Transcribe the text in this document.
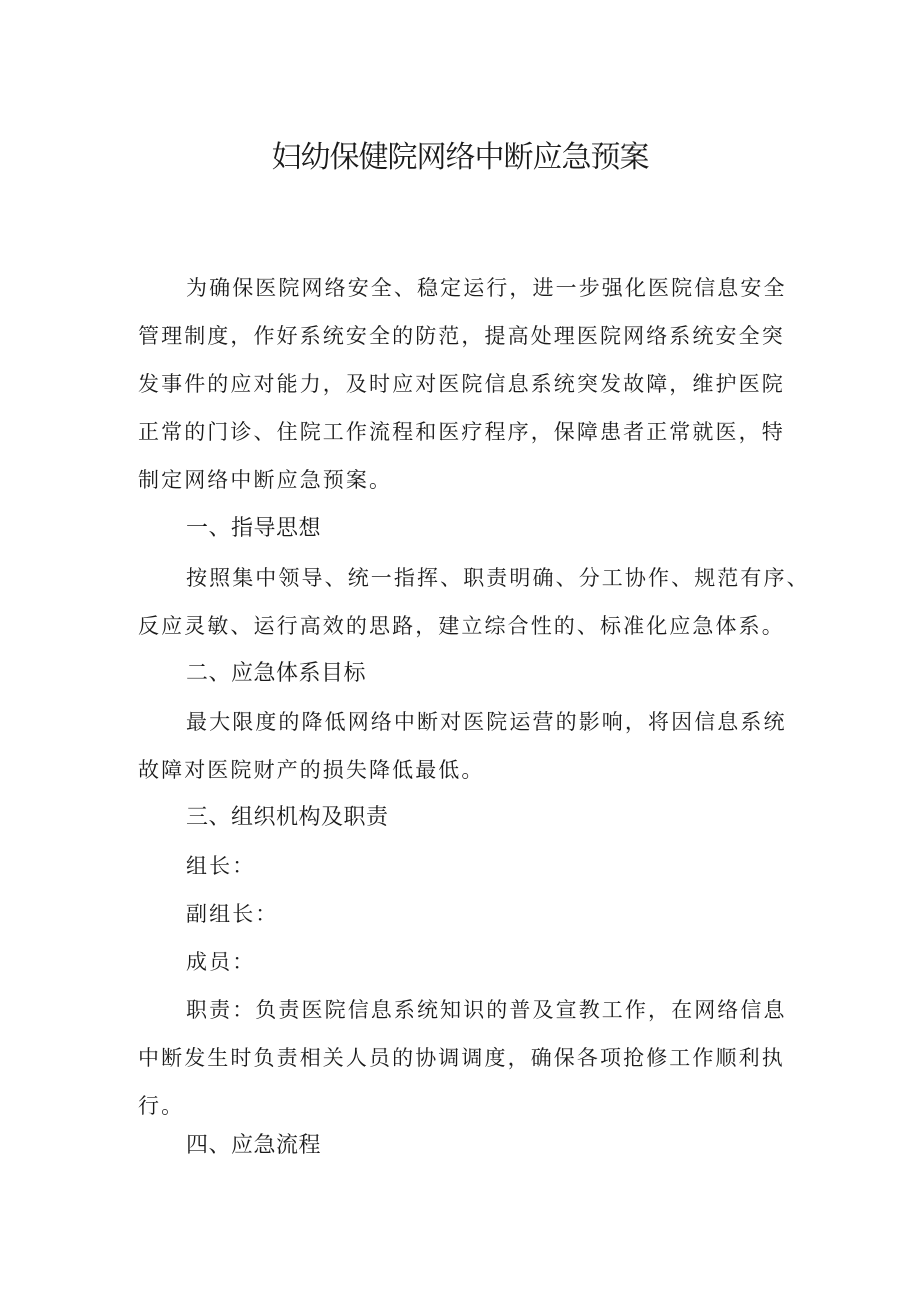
妇幼保健院网络中断应急预案

为确保医院网络安全、稳定运行，进一步强化医院信息安全

管理制度，作好系统安全的防范，提高处理医院网络系统安全突

发事件的应对能力，及时应对医院信息系统突发故障，维护医院

正常的门诊、住院工作流程和医疗程序，保障患者正常就医，特

制定网络中断应急预案。

一、指导思想

按照集中领导、统一指挥、职责明确、分工协作、规范有序、

反应灵敏、运行高效的思路，建立综合性的、标准化应急体系。

二、应急体系目标

最大限度的降低网络中断对医院运营的影响，将因信息系统

故障对医院财产的损失降低最低。

三、组织机构及职责

组长：

副组长：

成员：

职责：负责医院信息系统知识的普及宣教工作，在网络信息

中断发生时负责相关人员的协调调度，确保各项抢修工作顺利执

行。

四、应急流程
